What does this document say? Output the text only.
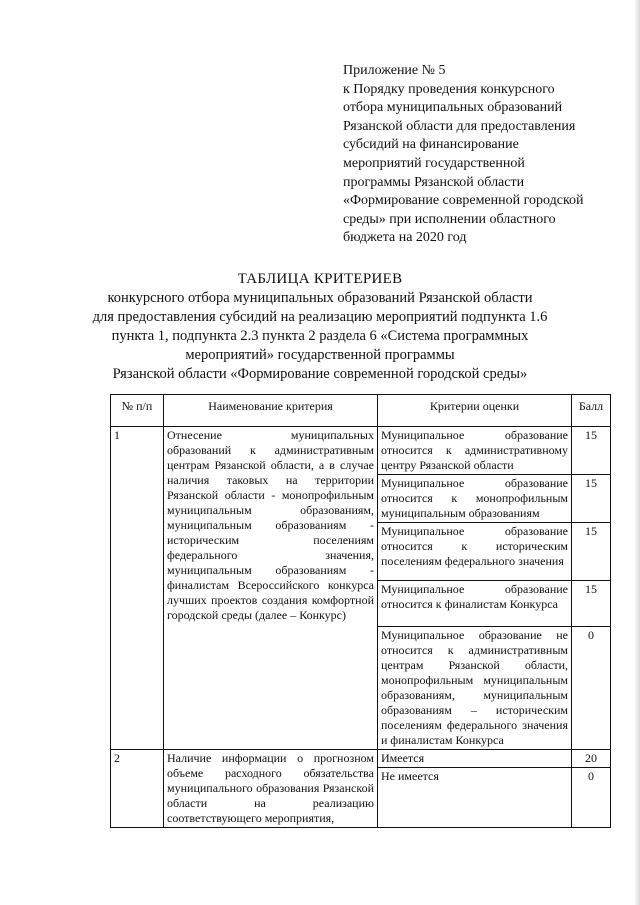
Приложение № 5
к Порядку проведения конкурсного
отбора муниципальных образований
Рязанской области для предоставления
субсидий на финансирование
мероприятий государственной
программы Рязанской области
«Формирование современной городской
среды» при исполнении областного
бюджета на 2020 год
ТАБЛИЦА КРИТЕРИЕВ
конкурсного отбора муниципальных образований Рязанской области
для предоставления субсидий на реализацию мероприятий подпункта 1.6
пункта 1, подпункта 2.3 пункта 2 раздела 6 «Система программных
мероприятий» государственной программы
Рязанской области «Формирование современной городской среды»
№ п/п	Наименование критерия	Критерии оценки	Балл
1	Отнесение муниципальных образований к административным центрам Рязанской области, а в случае наличия таковых на территории Рязанской области - монопрофильным муниципальным образованиям, муниципальным образованиям - историческим поселениям федерального значения, муниципальным образованиям - финалистам Всероссийского конкурса лучших проектов создания комфортной городской среды (далее – Конкурс)	Муниципальное образование относится к административному центру Рязанской области	15
		Муниципальное образование относится к монопрофильным муниципальным образованиям	15
		Муниципальное образование относится к историческим поселениям федерального значения	15
		Муниципальное образование относится к финалистам Конкурса	15
		Муниципальное образование не относится к административным центрам Рязанской области, монопрофильным муниципальным образованиям, муниципальным образованиям – историческим поселениям федерального значения и финалистам Конкурса	0
2	Наличие информации о прогнозном объеме расходного обязательства муниципального образования Рязанской области на реализацию соответствующего мероприятия,	Имеется	20
		Не имеется	0
